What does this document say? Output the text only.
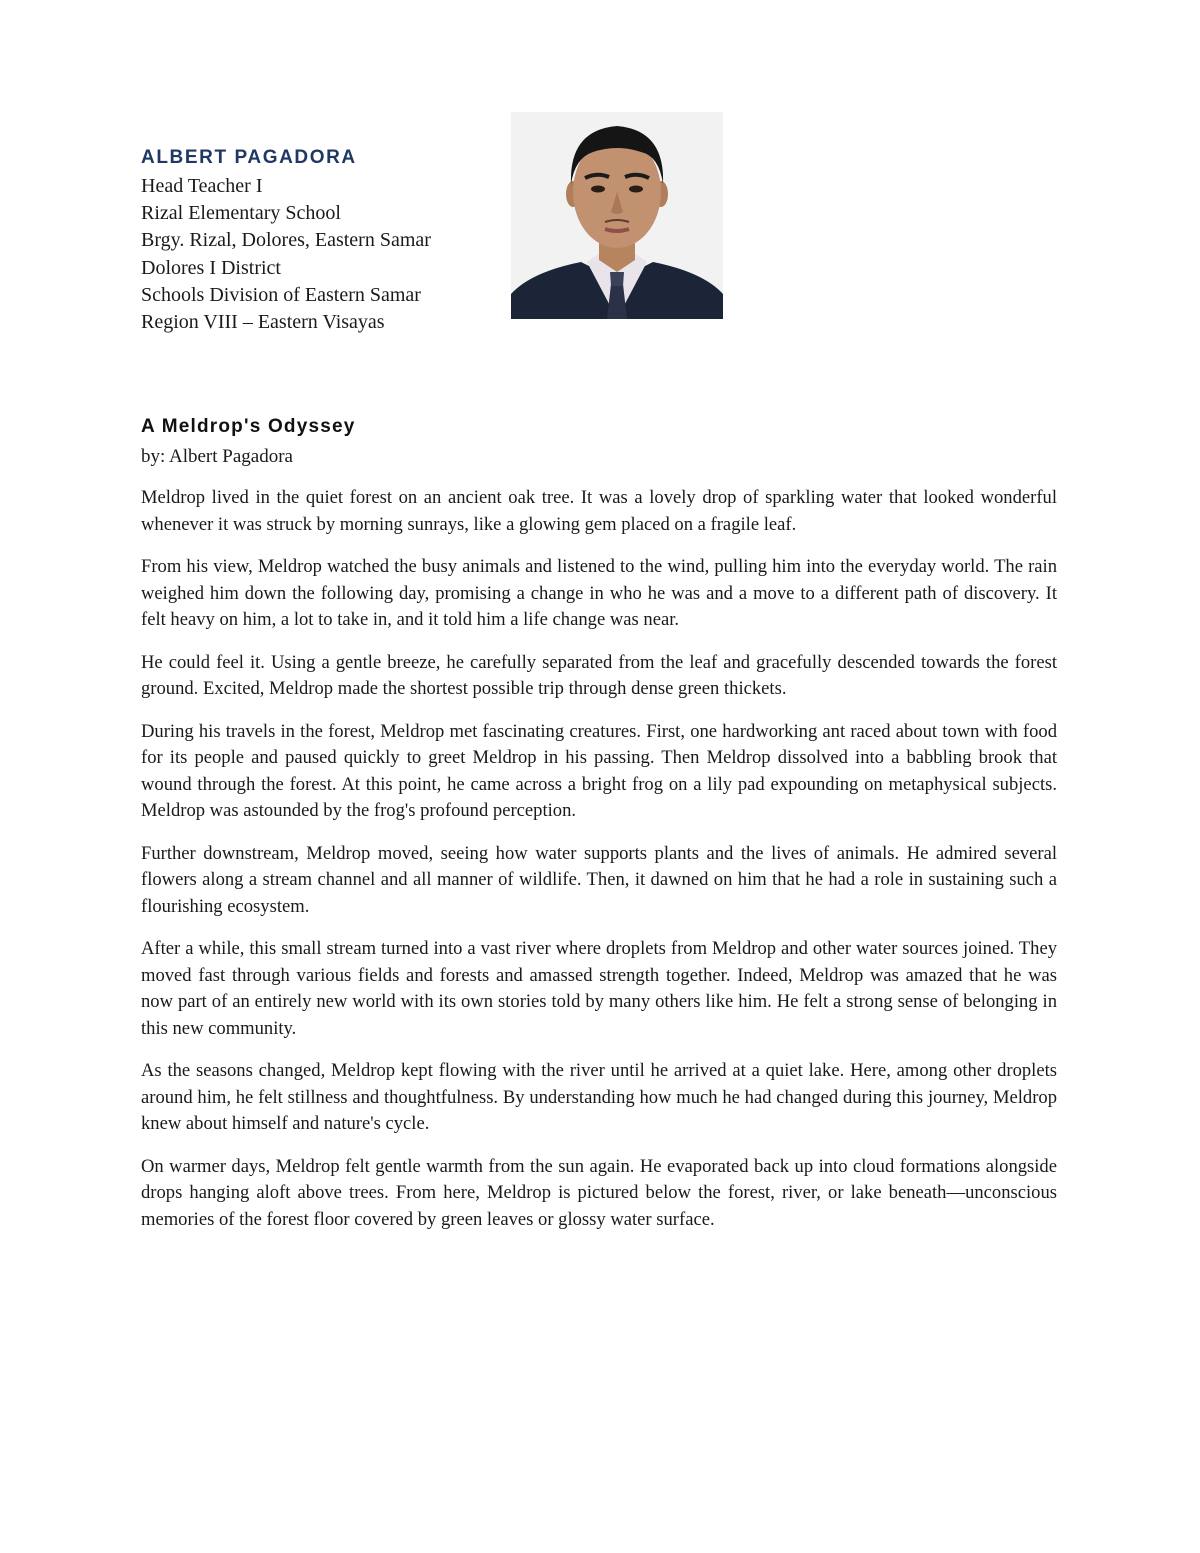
ALBERT PAGADORA

Head Teacher I

Rizal Elementary School

Brgy. Rizal, Dolores, Eastern Samar

Dolores I District

Schools Division of Eastern Samar

Region VIII – Eastern Visayas

A Meldrop's Odyssey

by: Albert Pagadora

Meldrop lived in the quiet forest on an ancient oak tree. It was a lovely drop of sparkling water that looked wonderful whenever it was struck by morning sunrays, like a glowing gem placed on a fragile leaf.

From his view, Meldrop watched the busy animals and listened to the wind, pulling him into the everyday world. The rain weighed him down the following day, promising a change in who he was and a move to a different path of discovery. It felt heavy on him, a lot to take in, and it told him a life change was near.

He could feel it. Using a gentle breeze, he carefully separated from the leaf and gracefully descended towards the forest ground. Excited, Meldrop made the shortest possible trip through dense green thickets.

During his travels in the forest, Meldrop met fascinating creatures. First, one hardworking ant raced about town with food for its people and paused quickly to greet Meldrop in his passing. Then Meldrop dissolved into a babbling brook that wound through the forest. At this point, he came across a bright frog on a lily pad expounding on metaphysical subjects. Meldrop was astounded by the frog's profound perception.

Further downstream, Meldrop moved, seeing how water supports plants and the lives of animals. He admired several flowers along a stream channel and all manner of wildlife. Then, it dawned on him that he had a role in sustaining such a flourishing ecosystem.

After a while, this small stream turned into a vast river where droplets from Meldrop and other water sources joined. They moved fast through various fields and forests and amassed strength together. Indeed, Meldrop was amazed that he was now part of an entirely new world with its own stories told by many others like him. He felt a strong sense of belonging in this new community.

As the seasons changed, Meldrop kept flowing with the river until he arrived at a quiet lake. Here, among other droplets around him, he felt stillness and thoughtfulness. By understanding how much he had changed during this journey, Meldrop knew about himself and nature's cycle.

On warmer days, Meldrop felt gentle warmth from the sun again. He evaporated back up into cloud formations alongside drops hanging aloft above trees. From here, Meldrop is pictured below the forest, river, or lake beneath—unconscious memories of the forest floor covered by green leaves or glossy water surface.
